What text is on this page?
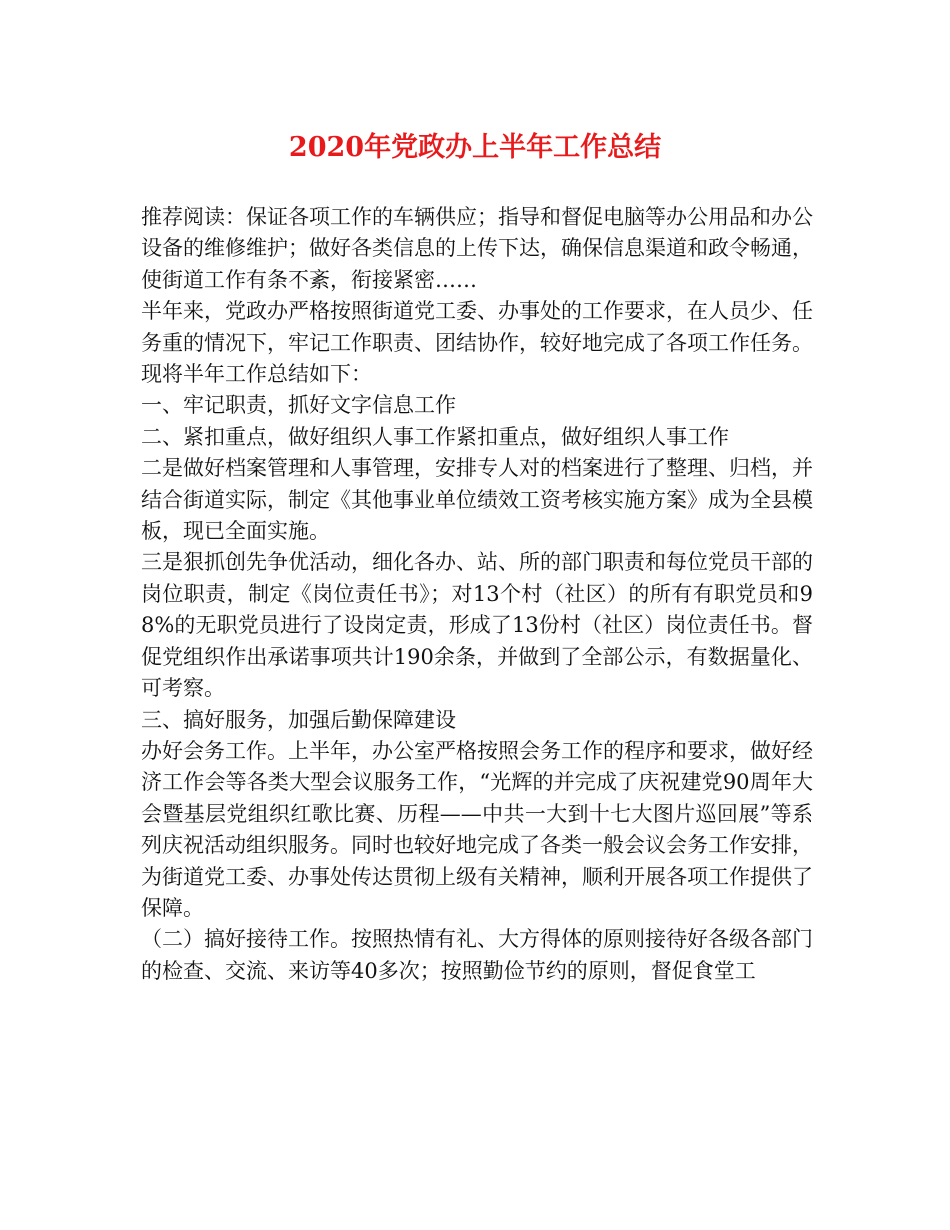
2020年党政办上半年工作总结

推荐阅读：保证各项工作的车辆供应；指导和督促电脑等办公用品和办公设备的维修维护；做好各类信息的上传下达，确保信息渠道和政令畅通，使街道工作有条不紊，衔接紧密……

半年来，党政办严格按照街道党工委、办事处的工作要求，在人员少、任务重的情况下，牢记工作职责、团结协作，较好地完成了各项工作任务。现将半年工作总结如下：

一、牢记职责，抓好文字信息工作

二、紧扣重点，做好组织人事工作紧扣重点，做好组织人事工作

二是做好档案管理和人事管理，安排专人对的档案进行了整理、归档，并结合街道实际，制定《其他事业单位绩效工资考核实施方案》成为全县模板，现已全面实施。

三是狠抓创先争优活动，细化各办、站、所的部门职责和每位党员干部的岗位职责，制定《岗位责任书》；对13个村（社区）的所有有职党员和98%的无职党员进行了设岗定责，形成了13份村（社区）岗位责任书。督促党组织作出承诺事项共计190余条，并做到了全部公示，有数据量化、可考察。

三、搞好服务，加强后勤保障建设

办好会务工作。上半年，办公室严格按照会务工作的程序和要求，做好经济工作会等各类大型会议服务工作，“光辉的并完成了庆祝建党90周年大会暨基层党组织红歌比赛、历程——中共一大到十七大图片巡回展”等系列庆祝活动组织服务。同时也较好地完成了各类一般会议会务工作安排，为街道党工委、办事处传达贯彻上级有关精神，顺利开展各项工作提供了保障。

（二）搞好接待工作。按照热情有礼、大方得体的原则接待好各级各部门的检查、交流、来访等40多次；按照勤俭节约的原则，督促食堂工
